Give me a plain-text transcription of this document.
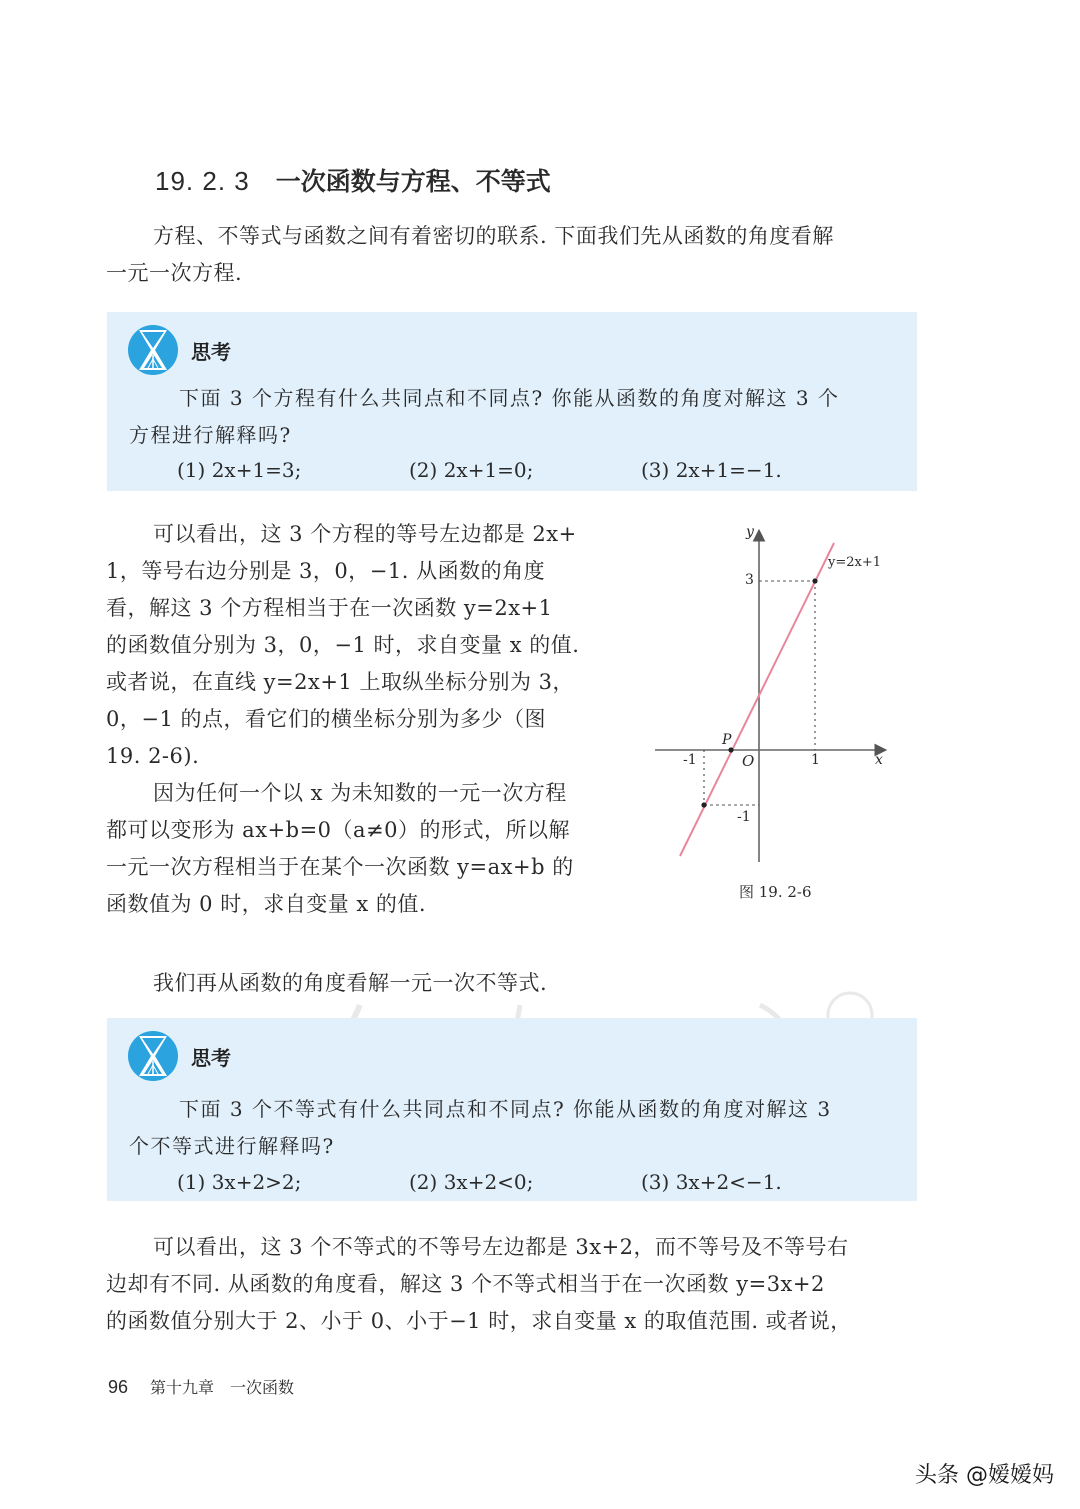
19. 2. 3 一次函数与方程、不等式
方程、不等式与函数之间有着密切的联系. 下面我们先从函数的角度看解
一元一次方程.
思考
下面 3 个方程有什么共同点和不同点? 你能从函数的角度对解这 3 个
方程进行解释吗?
(1) 2x+1=3;	(2) 2x+1=0;	(3) 2x+1=−1.
可以看出，这 3 个方程的等号左边都是 2x+
1，等号右边分别是 3，0，−1. 从函数的角度
看，解这 3 个方程相当于在一次函数 y=2x+1
的函数值分别为 3，0，−1 时，求自变量 x 的值.
或者说，在直线 y=2x+1 上取纵坐标分别为 3，
0，−1 的点，看它们的横坐标分别为多少（图
19. 2-6).
因为任何一个以 x 为未知数的一元一次方程
都可以变形为 ax+b=0（a≠0）的形式，所以解
一元一次方程相当于在某个一次函数 y=ax+b 的
函数值为 0 时，求自变量 x 的值.
y
y=2x+1
3
P
-1	O	1	x
-1
图 19. 2-6
我们再从函数的角度看解一元一次不等式.
思考
下面 3 个不等式有什么共同点和不同点? 你能从函数的角度对解这 3
个不等式进行解释吗?
(1) 3x+2>2;	(2) 3x+2<0;	(3) 3x+2<−1.
可以看出，这 3 个不等式的不等号左边都是 3x+2，而不等号及不等号右
边却有不同. 从函数的角度看，解这 3 个不等式相当于在一次函数 y=3x+2
的函数值分别大于 2、小于 0、小于−1 时，求自变量 x 的取值范围. 或者说，
96 第十九章　一次函数
头条 @嫒嫒妈
